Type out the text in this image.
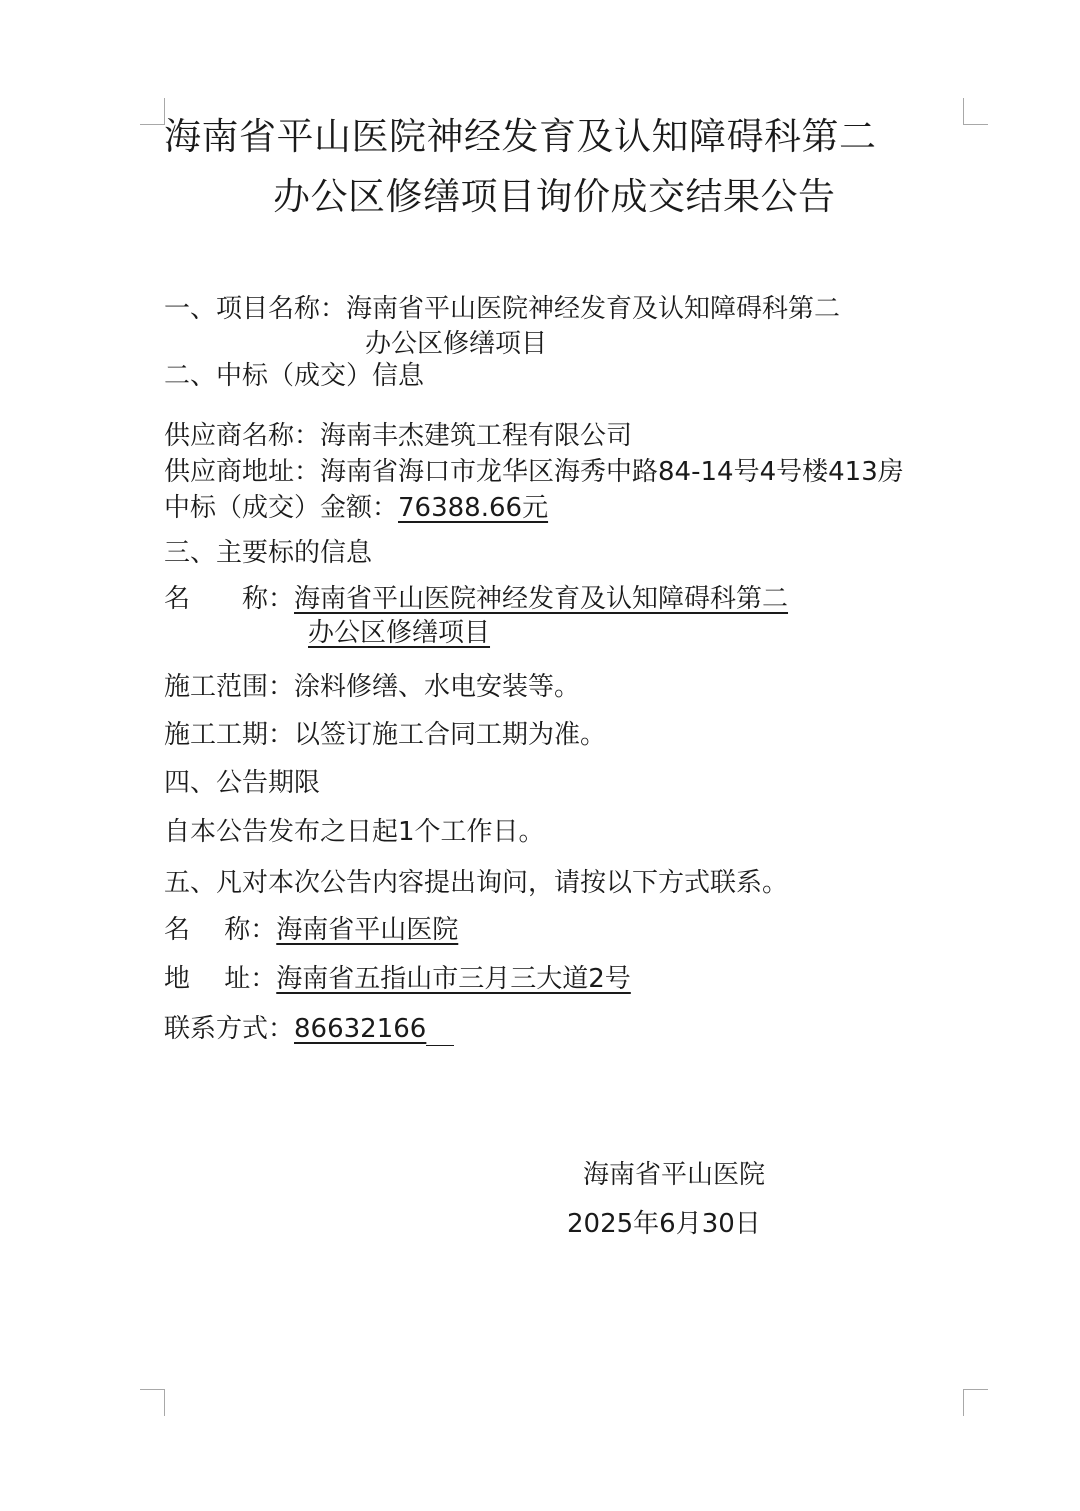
海南省平山医院神经发育及认知障碍科第二
办公区修缮项目询价成交结果公告
一、项目名称：海南省平山医院神经发育及认知障碍科第二
办公区修缮项目
二、中标（成交）信息
供应商名称：海南丰杰建筑工程有限公司
供应商地址：海南省海口市龙华区海秀中路84-14号4号楼413房
中标（成交）金额：76388.66元
三、主要标的信息
名　　称：海南省平山医院神经发育及认知障碍科第二
办公区修缮项目
施工范围：涂料修缮、水电安装等。
施工工期：以签订施工合同工期为准。
四、公告期限
自本公告发布之日起1个工作日。
五、凡对本次公告内容提出询问，请按以下方式联系。
名　 称：海南省平山医院
地　 址：海南省五指山市三月三大道2号
联系方式：86632166
海南省平山医院
2025年6月30日
